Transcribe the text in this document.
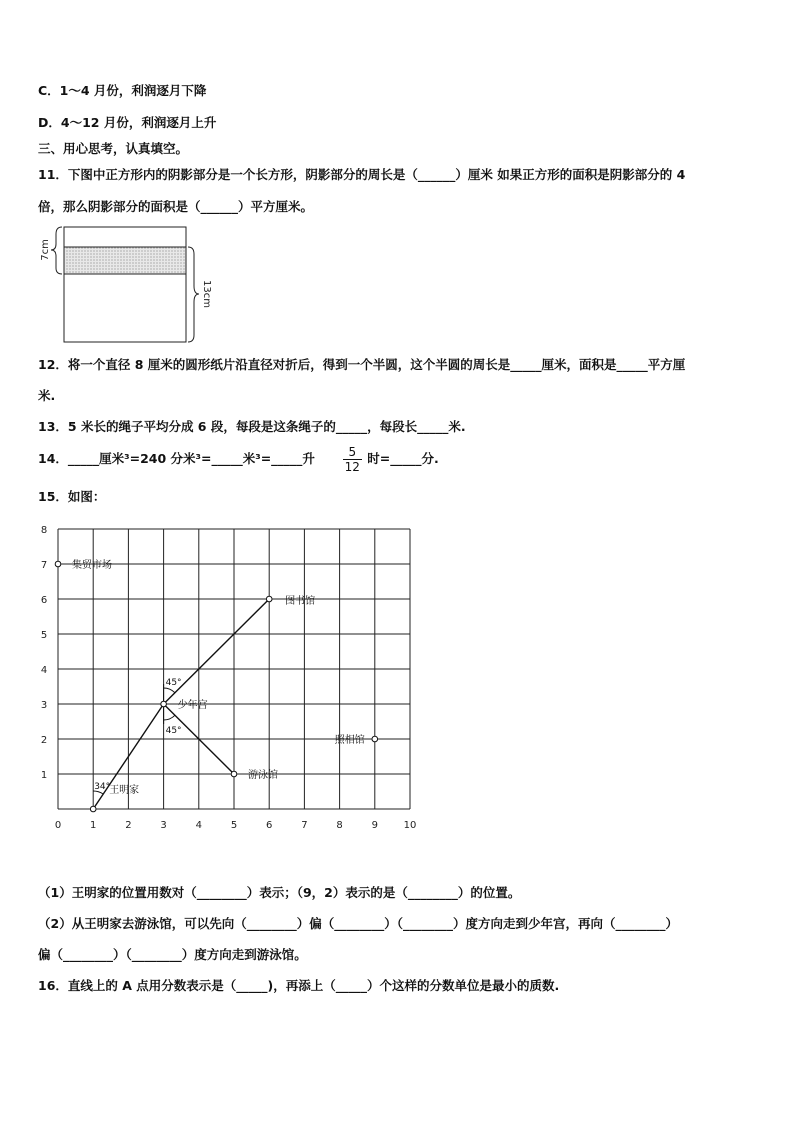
C．1～4 月份，利润逐月下降
D．4～12 月份，利润逐月上升
三、用心思考，认真填空。
11．下图中正方形内的阴影部分是一个长方形，阴影部分的周长是（______）厘米 如果正方形的面积是阴影部分的 4
倍，那么阴影部分的面积是（______）平方厘米。
7cm
13cm
12．将一个直径 8 厘米的圆形纸片沿直径对折后，得到一个半圆，这个半圆的周长是_____厘米，面积是_____平方厘
米.
13．5 米长的绳子平均分成 6 段，每段是这条绳子的_____，每段长_____米.
14．_____厘米³=240 分米³=_____米³=_____升 $\frac{5}{12}$ 时=_____分.
15．如图：
0	1	2	3	4	5	6	7	8	9	10
1
2
3
4
5
6
7
8
34°
45°
45°
集贸市场
图书馆
少年宫
照相馆
游泳馆
王明家
（1）王明家的位置用数对（________）表示；（9，2）表示的是（________）的位置。
（2）从王明家去游泳馆，可以先向（________）偏（________）（________）度方向走到少年宫，再向（________）
偏（________）（________）度方向走到游泳馆。
16．直线上的 A 点用分数表示是（_____)，再添上（_____）个这样的分数单位是最小的质数.
